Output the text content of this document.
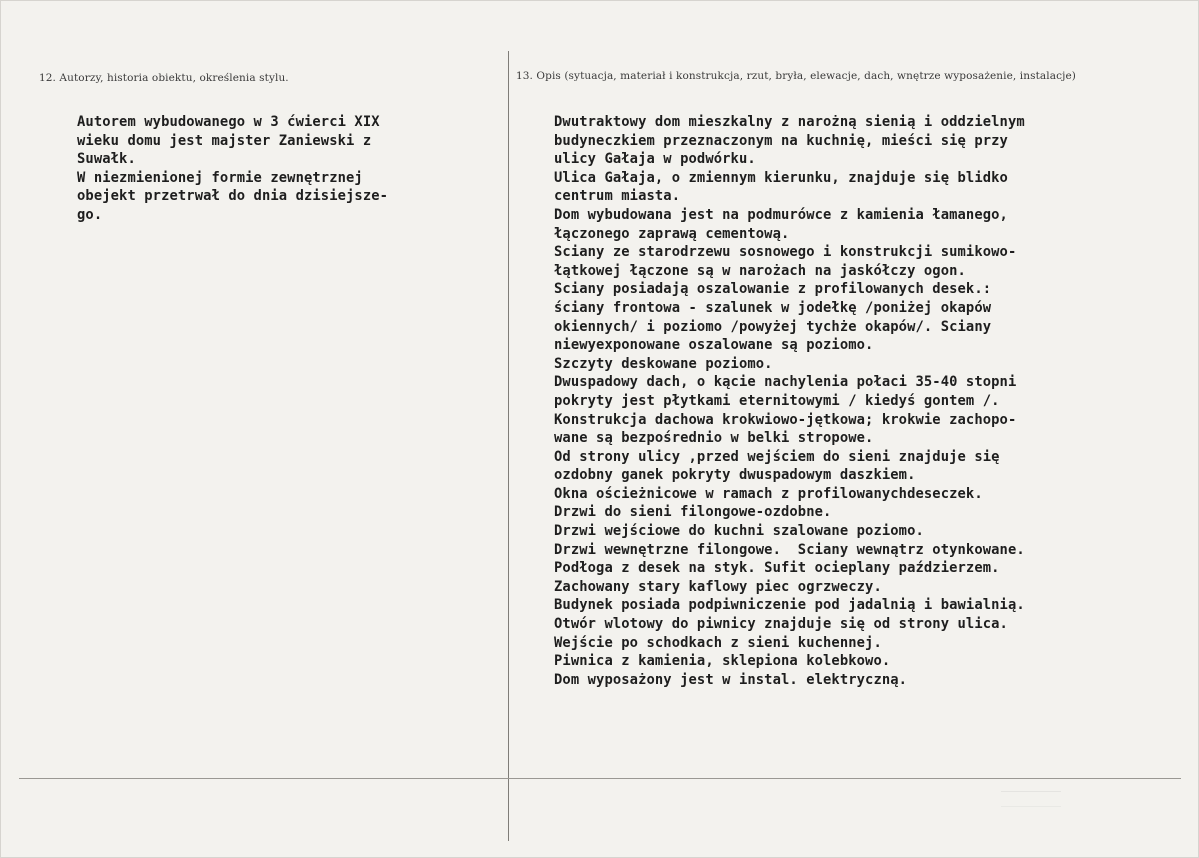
12. Autorzy, historia obiektu, określenia stylu.	13. Opis (sytuacja, materiał i konstrukcja, rzut, bryła, elewacje, dach, wnętrze wyposażenie, instalacje)
Autorem wybudowanego w 3 ćwierci XIX
wieku domu jest majster Zaniewski z
Suwałk.
W niezmienionej formie zewnętrznej
obejekt przetrwał do dnia dzisiejsze-
go.
Dwutraktowy dom mieszkalny z narożną sienią i oddzielnym
budyneczkiem przeznaczonym na kuchnię, mieści się przy
ulicy Gałaja w podwórku.
Ulica Gałaja, o zmiennym kierunku, znajduje się blidko
centrum miasta.
Dom wybudowana jest na podmurówce z kamienia łamanego,
łączonego zaprawą cementową.
Sciany ze starodrzewu sosnowego i konstrukcji sumikowo-
łątkowej łączone są w narożach na jaskółczy ogon.
Sciany posiadają oszalowanie z profilowanych desek.:
ściany frontowa - szalunek w jodełkę /poniżej okapów
okiennych/ i poziomo /powyżej tychże okapów/. Sciany
niewyexponowane oszalowane są poziomo.
Szczyty deskowane poziomo.
Dwuspadowy dach, o kącie nachylenia połaci 35-40 stopni
pokryty jest płytkami eternitowymi / kiedyś gontem /.
Konstrukcja dachowa krokwiowo-jętkowa; krokwie zachopo-
wane są bezpośrednio w belki stropowe.
Od strony ulicy ,przed wejściem do sieni znajduje się
ozdobny ganek pokryty dwuspadowym daszkiem.
Okna ościeżnicowe w ramach z profilowanychdeseczek.
Drzwi do sieni filongowe-ozdobne.
Drzwi wejściowe do kuchni szalowane poziomo.
Drzwi wewnętrzne filongowe.  Sciany wewnątrz otynkowane.
Podłoga z desek na styk. Sufit ocieplany paździerzem.
Zachowany stary kaflowy piec ogrzweczy.
Budynek posiada podpiwniczenie pod jadalnią i bawialnią.
Otwór wlotowy do piwnicy znajduje się od strony ulica.
Wejście po schodkach z sieni kuchennej.
Piwnica z kamienia, sklepiona kolebkowo.
Dom wyposażony jest w instal. elektryczną.
